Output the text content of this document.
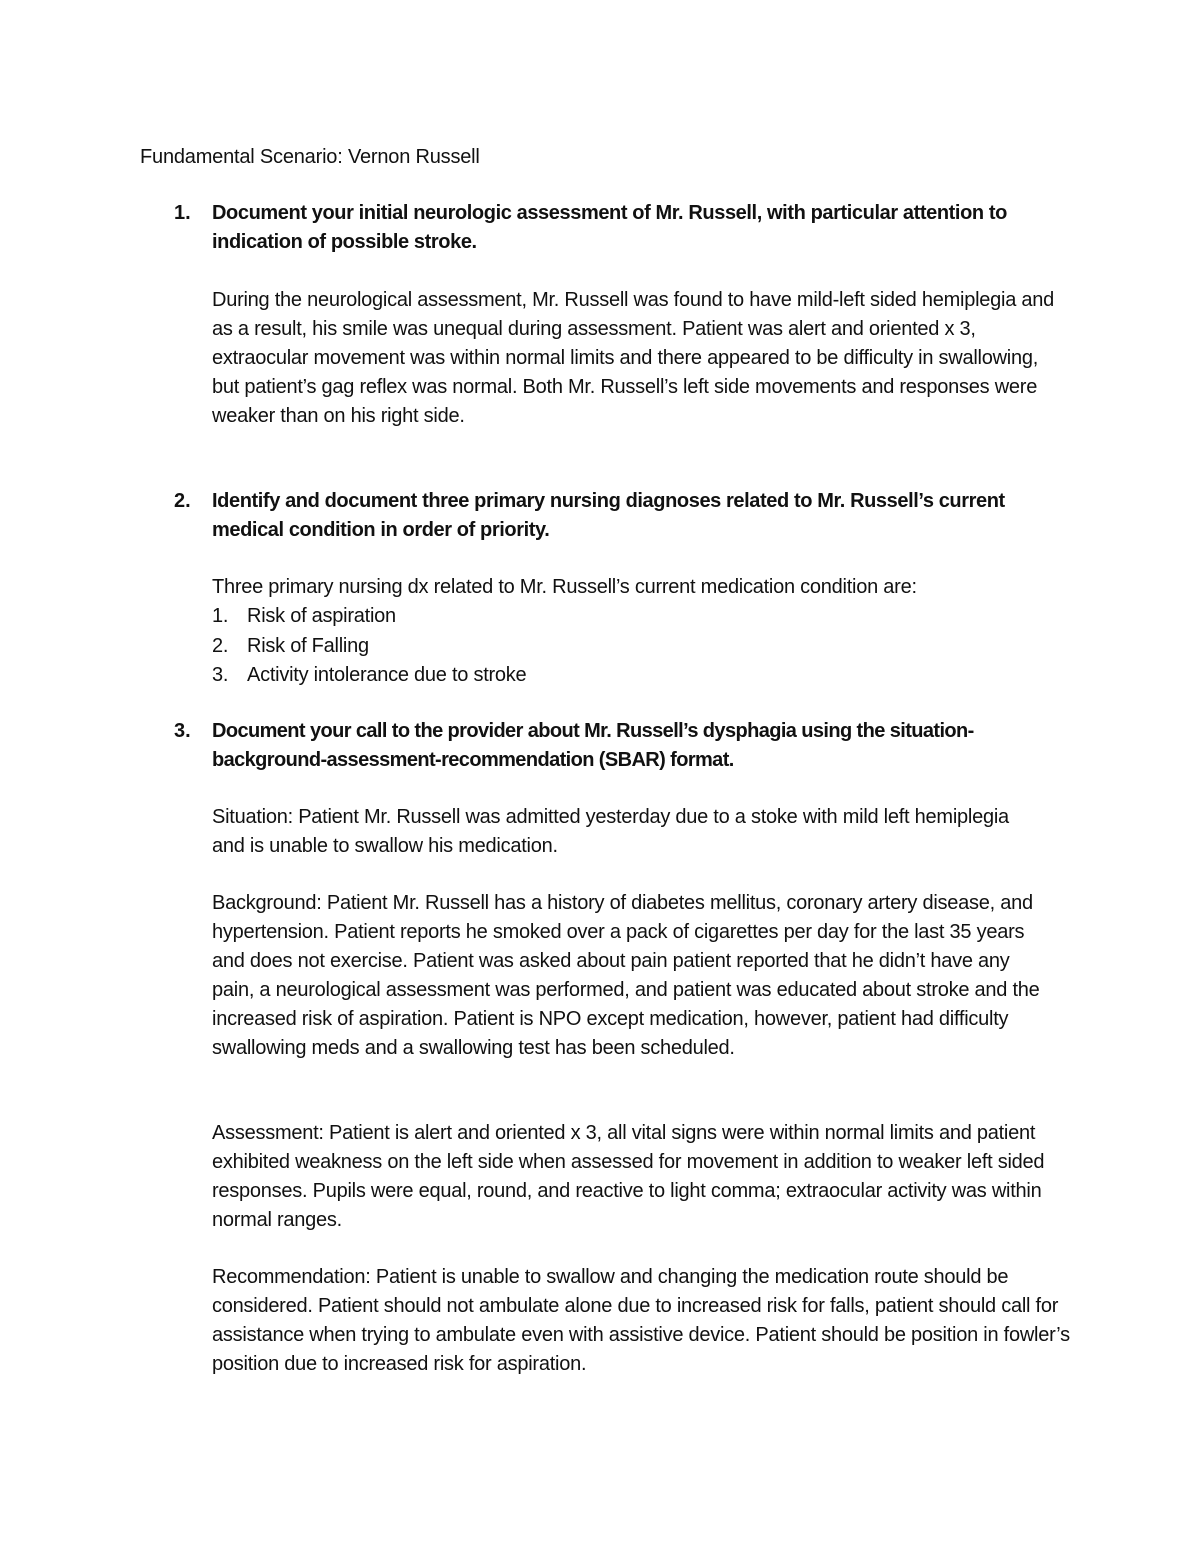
Fundamental Scenario: Vernon Russell
1. Document your initial neurologic assessment of Mr. Russell, with particular attention to indication of possible stroke.

During the neurological assessment, Mr. Russell was found to have mild-left sided hemiplegia and as a result, his smile was unequal during assessment. Patient was alert and oriented x 3, extraocular movement was within normal limits and there appeared to be difficulty in swallowing, but patient’s gag reflex was normal. Both Mr. Russell’s left side movements and responses were weaker than on his right side.

2. Identify and document three primary nursing diagnoses related to Mr. Russell’s current medical condition in order of priority.

Three primary nursing dx related to Mr. Russell’s current medication condition are:

1. Risk of aspiration
2. Risk of Falling
3. Activity intolerance due to stroke
3. Document your call to the provider about Mr. Russell’s dysphagia using the situation-background-assessment-recommendation (SBAR) format.

Situation: Patient Mr. Russell was admitted yesterday due to a stoke with mild left hemiplegia and is unable to swallow his medication.

Background: Patient Mr. Russell has a history of diabetes mellitus, coronary artery disease, and hypertension. Patient reports he smoked over a pack of cigarettes per day for the last 35 years and does not exercise. Patient was asked about pain patient reported that he didn’t have any pain, a neurological assessment was performed, and patient was educated about stroke and the increased risk of aspiration. Patient is NPO except medication, however, patient had difficulty swallowing meds and a swallowing test has been scheduled.

Assessment: Patient is alert and oriented x 3, all vital signs were within normal limits and patient exhibited weakness on the left side when assessed for movement in addition to weaker left sided responses. Pupils were equal, round, and reactive to light comma; extraocular activity was within normal ranges.

Recommendation: Patient is unable to swallow and changing the medication route should be considered. Patient should not ambulate alone due to increased risk for falls, patient should call for assistance when trying to ambulate even with assistive device. Patient should be position in fowler’s position due to increased risk for aspiration.
